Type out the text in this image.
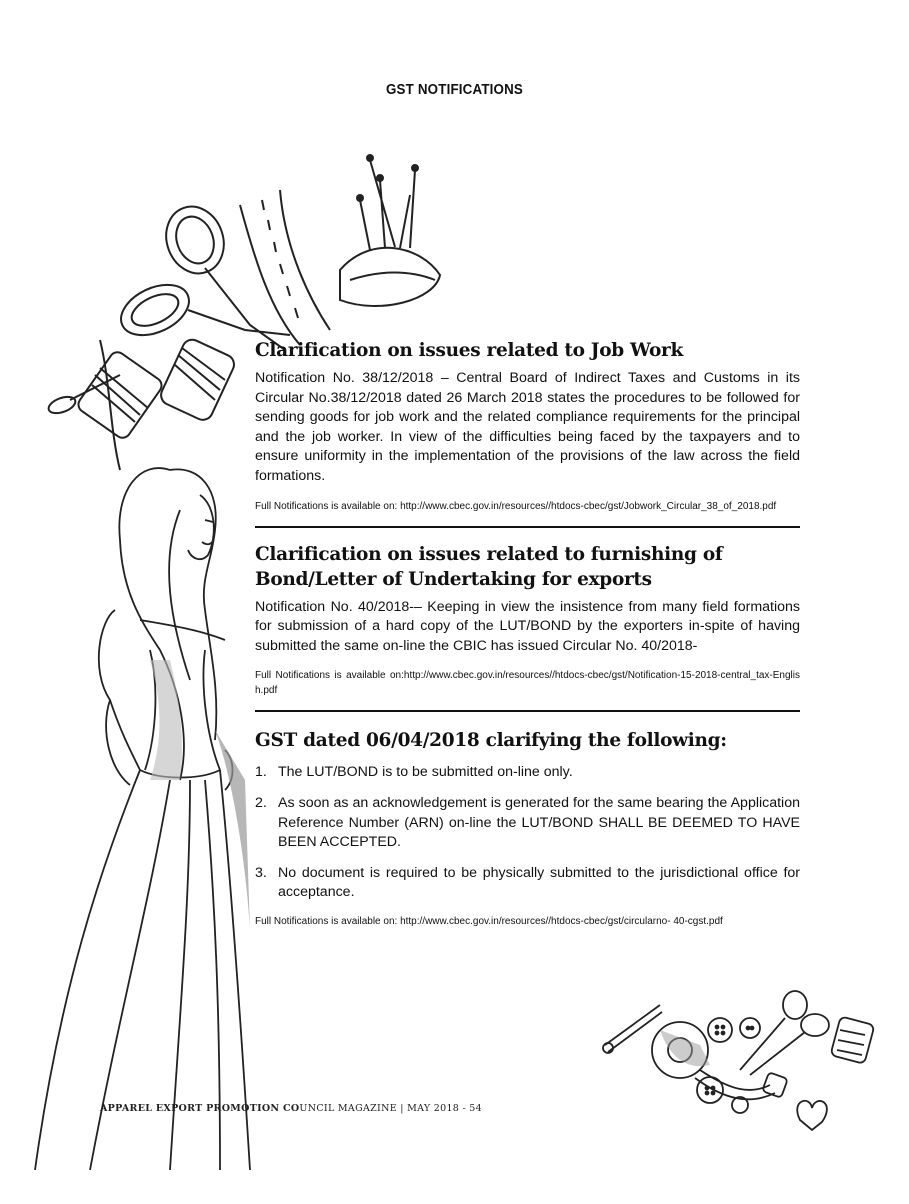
GST NOTIFICATIONS
Clarification on issues related to Job Work

Notification No. 38/12/2018 – Central Board of Indirect Taxes and Customs in its Circular No.38/12/2018 dated 26 March 2018 states the procedures to be followed for sending goods for job work and the related compliance requirements for the principal and the job worker. In view of the difficulties being faced by the taxpayers and to ensure uniformity in the implementation of the provisions of the law across the field formations.

Full Notifications is available on: http://www.cbec.gov.in/resources//htdocs-cbec/gst/Jobwork_Circular_38_of_2018.pdf

Clarification on issues related to furnishing of Bond/Letter of Undertaking for exports

Notification No. 40/2018-– Keeping in view the insistence from many field formations for submission of a hard copy of the LUT/BOND by the exporters in-spite of having submitted the same on-line the CBIC has issued Circular No. 40/2018-

Full Notifications is available on:http://www.cbec.gov.in/resources//htdocs-cbec/gst/Notification-15-2018-central_tax-English.pdf

GST dated 06/04/2018 clarifying the following:
1. The LUT/BOND is to be submitted on-line only.
2. As soon as an acknowledgement is generated for the same bearing the Application Reference Number (ARN) on-line the LUT/BOND SHALL BE DEEMED TO HAVE BEEN ACCEPTED.
3. No document is required to be physically submitted to the jurisdictional office for acceptance.

Full Notifications is available on: http://www.cbec.gov.in/resources//htdocs-cbec/gst/circularno- 40-cgst.pdf

APPAREL EXPORT PROMOTION COUNCIL MAGAZINE | MAY 2018 - 54
